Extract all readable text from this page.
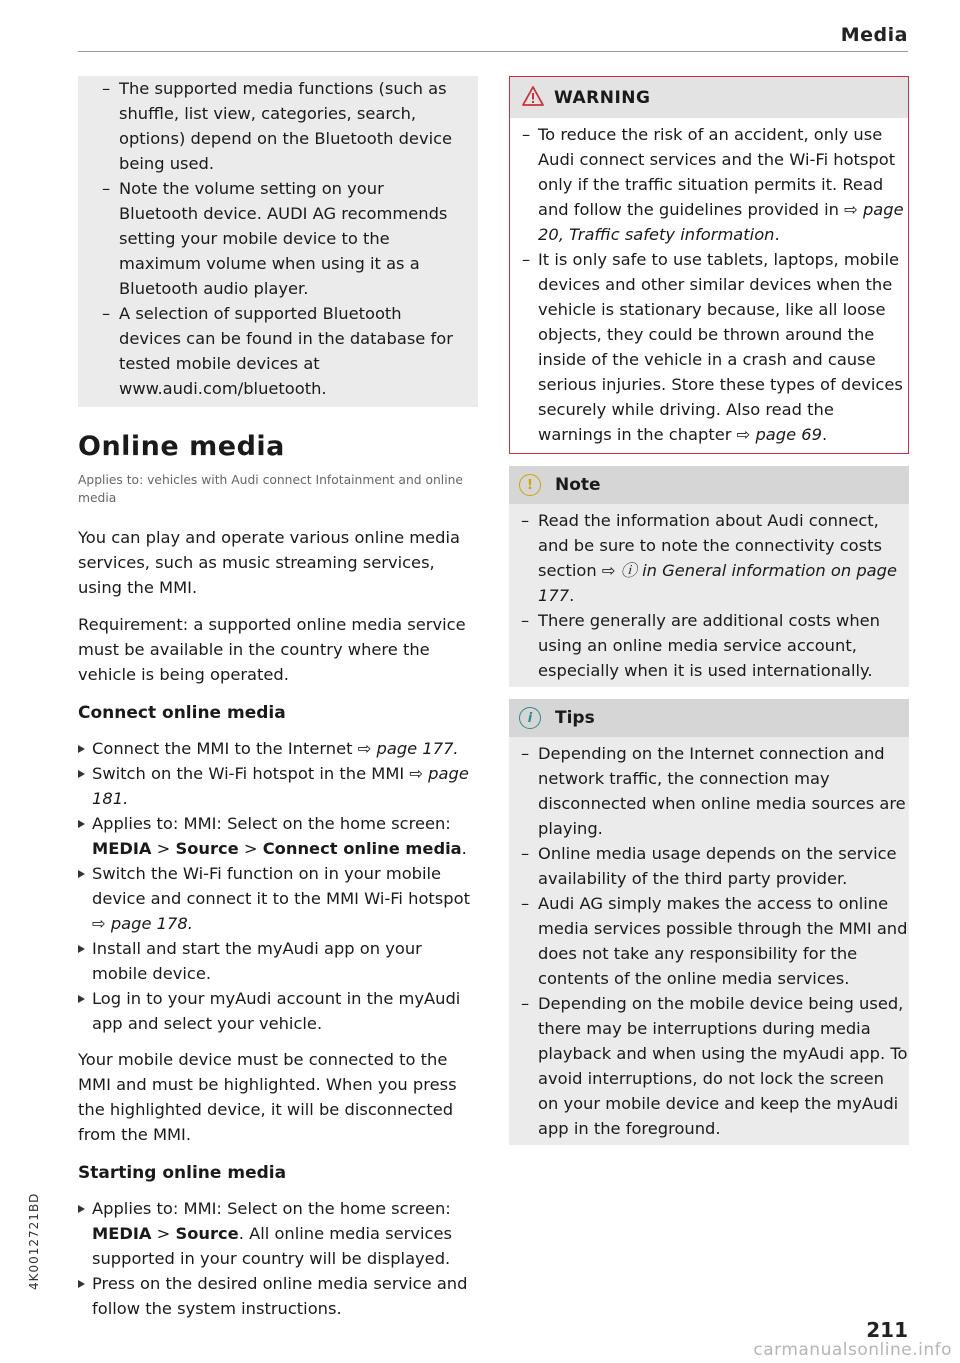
Media
– The supported media functions (such as shuffle, list view, categories, search, options) depend on the Bluetooth device being used.
– Note the volume setting on your Bluetooth device. AUDI AG recommends setting your mobile device to the maximum volume when using it as a Bluetooth audio player.
– A selection of supported Bluetooth devices can be found in the database for tested mobile devices at www.audi.com/bluetooth.
Online media
Applies to: vehicles with Audi connect Infotainment and online media

You can play and operate various online media services, such as music streaming services, using the MMI.

Requirement: a supported online media service must be available in the country where the vehicle is being operated.

Connect online media
Connect the MMI to the Internet ⇨ page 177.
Switch on the Wi-Fi hotspot in the MMI ⇨ page 181.
Applies to: MMI: Select on the home screen: MEDIA > Source > Connect online media.
Switch the Wi-Fi function on in your mobile device and connect it to the MMI Wi-Fi hotspot ⇨ page 178.
Install and start the myAudi app on your mobile device.
Log in to your myAudi account in the myAudi app and select your vehicle.

Your mobile device must be connected to the MMI and must be highlighted. When you press the highlighted device, it will be disconnected from the MMI.

Starting online media
Applies to: MMI: Select on the home screen: MEDIA > Source. All online media services supported in your country will be displayed.
Press on the desired online media service and follow the system instructions.
WARNING
– To reduce the risk of an accident, only use Audi connect services and the Wi-Fi hotspot only if the traffic situation permits it. Read and follow the guidelines provided in ⇨ page 20, Traffic safety information.
– It is only safe to use tablets, laptops, mobile devices and other similar devices when the vehicle is stationary because, like all loose objects, they could be thrown around the inside of the vehicle in a crash and cause serious injuries. Store these types of devices securely while driving. Also read the warnings in the chapter ⇨ page 69.
!	Note
– Read the information about Audi connect, and be sure to note the connectivity costs section ⇨ ⓘ in General information on page 177.
– There generally are additional costs when using an online media service account, especially when it is used internationally.
i	Tips
– Depending on the Internet connection and network traffic, the connection may disconnected when online media sources are playing.
– Online media usage depends on the service availability of the third party provider.
– Audi AG simply makes the access to online media services possible through the MMI and does not take any responsibility for the contents of the online media services.
– Depending on the mobile device being used, there may be interruptions during media playback and when using the myAudi app. To avoid interruptions, do not lock the screen on your mobile device and keep the myAudi app in the foreground.
4K0012721BD
211
carmanualsonline.info
